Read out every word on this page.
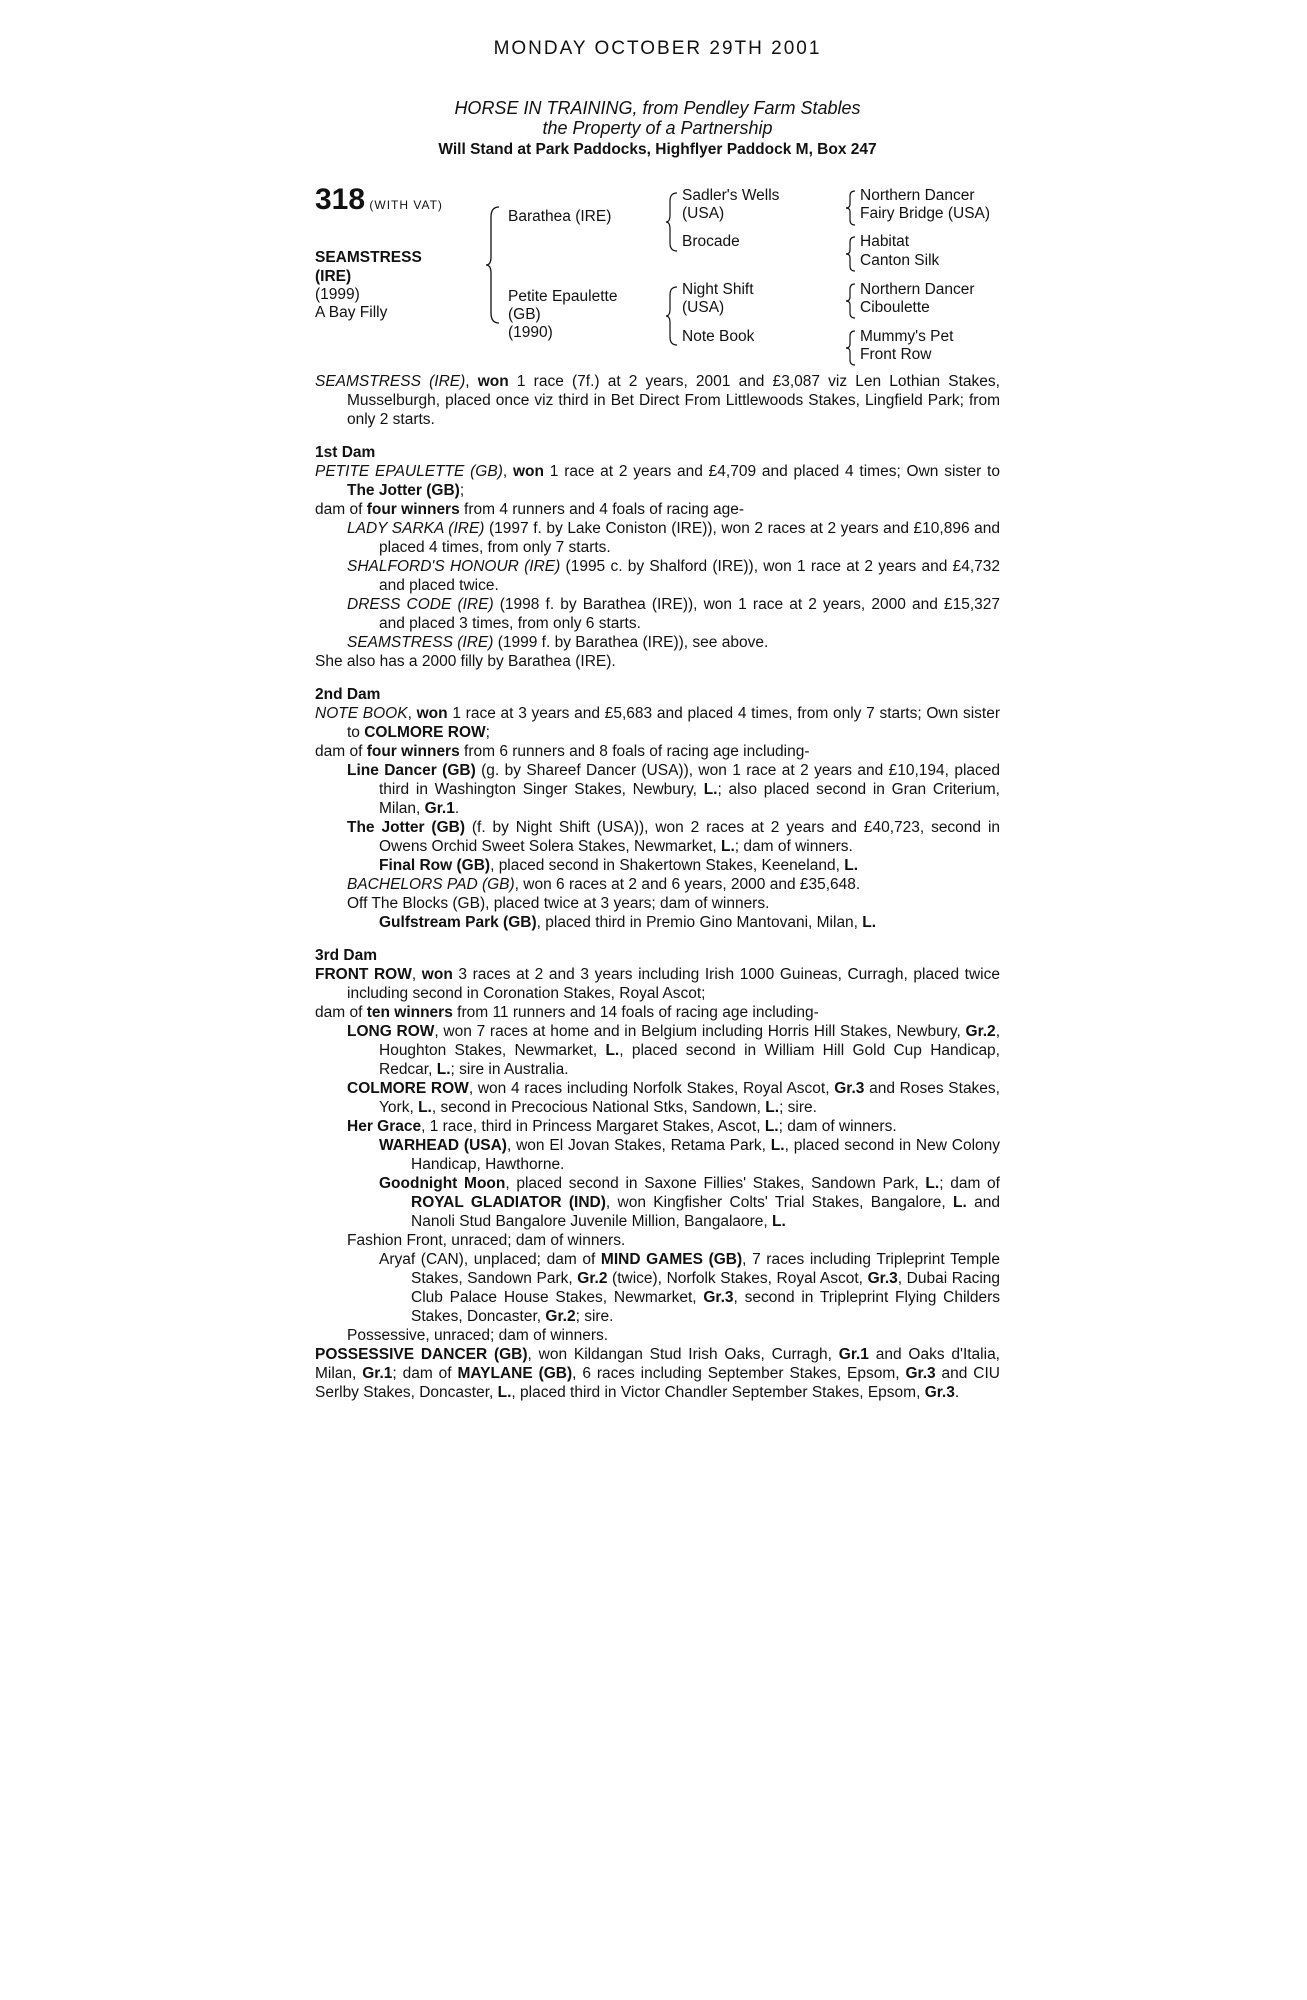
MONDAY OCTOBER 29TH 2001
HORSE IN TRAINING, from Pendley Farm Stables
the Property of a Partnership
Will Stand at Park Paddocks, Highflyer Paddock M, Box 247
318 (WITH VAT)
SEAMSTRESS
(IRE)
(1999)
A Bay Filly
Barathea (IRE)
Petite Epaulette
(GB)
(1990)
Sadler's Wells
(USA)
Brocade
Night Shift
(USA)
Note Book
Northern Dancer
Fairy Bridge (USA)
Habitat
Canton Silk
Northern Dancer
Ciboulette
Mummy's Pet
Front Row

SEAMSTRESS (IRE), won 1 race (7f.) at 2 years, 2001 and £3,087 viz Len Lothian Stakes, Musselburgh, placed once viz third in Bet Direct From Littlewoods Stakes, Lingfield Park; from only 2 starts.

1st Dam

PETITE EPAULETTE (GB), won 1 race at 2 years and £4,709 and placed 4 times; Own sister to The Jotter (GB);

dam of four winners from 4 runners and 4 foals of racing age-

LADY SARKA (IRE) (1997 f. by Lake Coniston (IRE)), won 2 races at 2 years and £10,896 and placed 4 times, from only 7 starts.

SHALFORD'S HONOUR (IRE) (1995 c. by Shalford (IRE)), won 1 race at 2 years and £4,732 and placed twice.

DRESS CODE (IRE) (1998 f. by Barathea (IRE)), won 1 race at 2 years, 2000 and £15,327 and placed 3 times, from only 6 starts.

SEAMSTRESS (IRE) (1999 f. by Barathea (IRE)), see above.

She also has a 2000 filly by Barathea (IRE).

2nd Dam

NOTE BOOK, won 1 race at 3 years and £5,683 and placed 4 times, from only 7 starts; Own sister to COLMORE ROW;

dam of four winners from 6 runners and 8 foals of racing age including-

Line Dancer (GB) (g. by Shareef Dancer (USA)), won 1 race at 2 years and £10,194, placed third in Washington Singer Stakes, Newbury, L.; also placed second in Gran Criterium, Milan, Gr.1.

The Jotter (GB) (f. by Night Shift (USA)), won 2 races at 2 years and £40,723, second in Owens Orchid Sweet Solera Stakes, Newmarket, L.; dam of winners.

Final Row (GB), placed second in Shakertown Stakes, Keeneland, L.

BACHELORS PAD (GB), won 6 races at 2 and 6 years, 2000 and £35,648.

Off The Blocks (GB), placed twice at 3 years; dam of winners.

Gulfstream Park (GB), placed third in Premio Gino Mantovani, Milan, L.

3rd Dam

FRONT ROW, won 3 races at 2 and 3 years including Irish 1000 Guineas, Curragh, placed twice including second in Coronation Stakes, Royal Ascot;

dam of ten winners from 11 runners and 14 foals of racing age including-

LONG ROW, won 7 races at home and in Belgium including Horris Hill Stakes, Newbury, Gr.2, Houghton Stakes, Newmarket, L., placed second in William Hill Gold Cup Handicap, Redcar, L.; sire in Australia.

COLMORE ROW, won 4 races including Norfolk Stakes, Royal Ascot, Gr.3 and Roses Stakes, York, L., second in Precocious National Stks, Sandown, L.; sire.

Her Grace, 1 race, third in Princess Margaret Stakes, Ascot, L.; dam of winners.

WARHEAD (USA), won El Jovan Stakes, Retama Park, L., placed second in New Colony Handicap, Hawthorne.

Goodnight Moon, placed second in Saxone Fillies' Stakes, Sandown Park, L.; dam of ROYAL GLADIATOR (IND), won Kingfisher Colts' Trial Stakes, Bangalore, L. and Nanoli Stud Bangalore Juvenile Million, Bangalaore, L.

Fashion Front, unraced; dam of winners.

Aryaf (CAN), unplaced; dam of MIND GAMES (GB), 7 races including Tripleprint Temple Stakes, Sandown Park, Gr.2 (twice), Norfolk Stakes, Royal Ascot, Gr.3, Dubai Racing Club Palace House Stakes, Newmarket, Gr.3, second in Tripleprint Flying Childers Stakes, Doncaster, Gr.2; sire.

Possessive, unraced; dam of winners.

POSSESSIVE DANCER (GB), won Kildangan Stud Irish Oaks, Curragh, Gr.1 and Oaks d'Italia, Milan, Gr.1; dam of MAYLANE (GB), 6 races including September Stakes, Epsom, Gr.3 and CIU Serlby Stakes, Doncaster, L., placed third in Victor Chandler September Stakes, Epsom, Gr.3.
